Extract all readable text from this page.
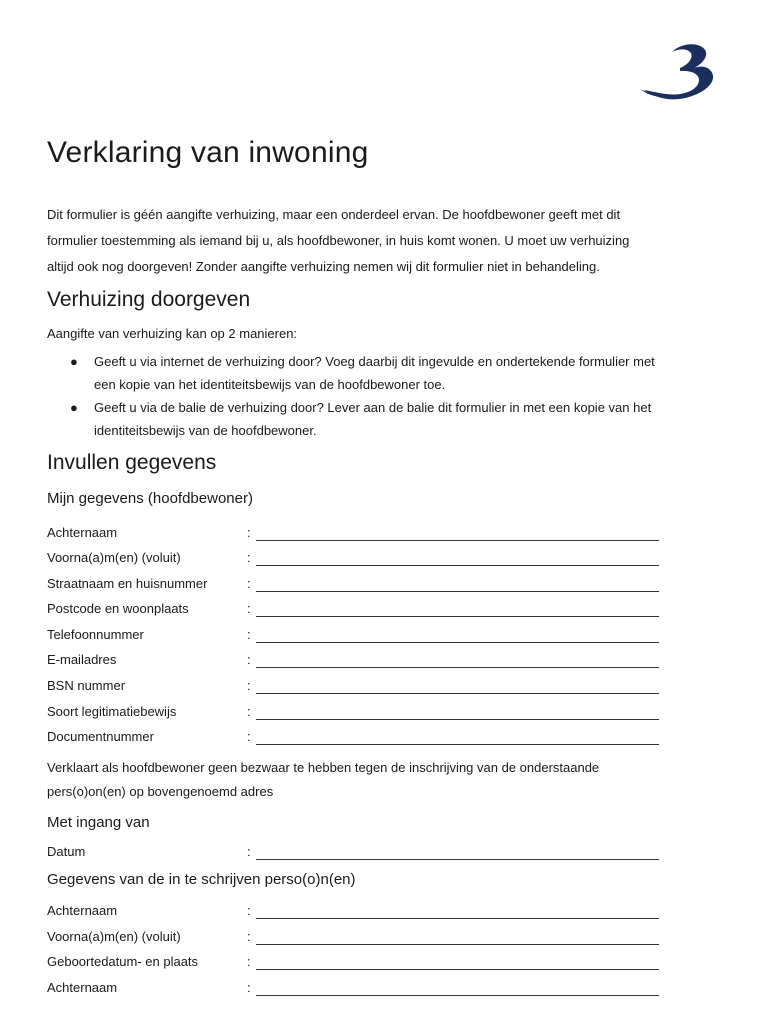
Verklaring van inwoning

Dit formulier is géén aangifte verhuizing, maar een onderdeel ervan. De hoofdbewoner geeft met dit

formulier toestemming als iemand bij u, als hoofdbewoner, in huis komt wonen. U moet uw verhuizing

altijd ook nog doorgeven! Zonder aangifte verhuizing nemen wij dit formulier niet in behandeling.

Verhuizing doorgeven
Aangifte van verhuizing kan op 2 manieren:
● Geeft u via internet de verhuizing door? Voeg daarbij dit ingevulde en ondertekende formulier met

een kopie van het identiteitsbewijs van de hoofdbewoner toe.

● Geeft u via de balie de verhuizing door? Lever aan de balie dit formulier in met een kopie van het

identiteitsbewijs van de hoofdbewoner.

Invullen gegevens
Mijn gegevens (hoofdbewoner)
Achternaam	:
Voorna(a)m(en) (voluit)	:
Straatnaam en huisnummer	:
Postcode en woonplaats	:
Telefoonnummer	:
E-mailadres	:
BSN nummer	:
Soort legitimatiebewijs	:
Documentnummer	:

Verklaart als hoofdbewoner geen bezwaar te hebben tegen de inschrijving van de onderstaande

pers(o)on(en) op bovengenoemd adres

Met ingang van
Datum	:
Gegevens van de in te schrijven perso(o)n(en)
Achternaam	:
Voorna(a)m(en) (voluit)	:
Geboortedatum- en plaats	:
Achternaam	:
